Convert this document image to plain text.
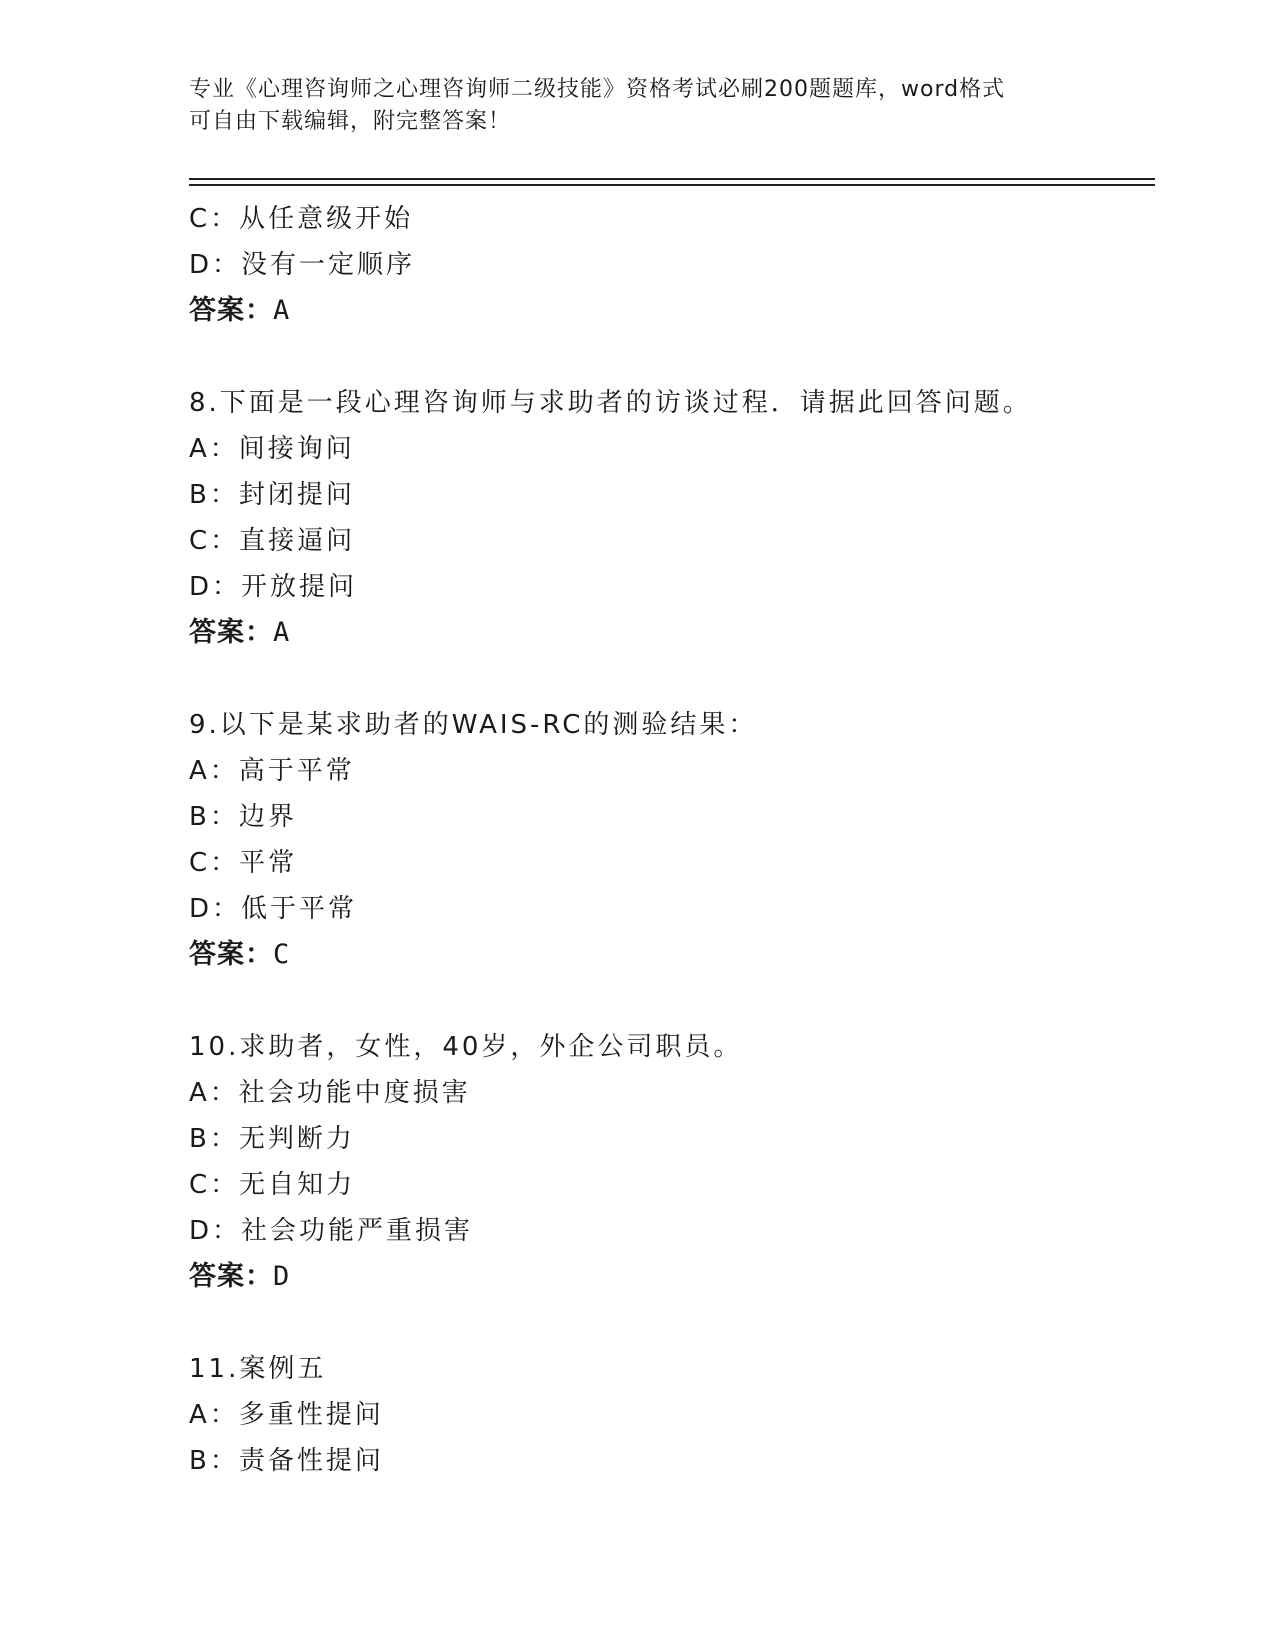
专业《心理咨询师之心理咨询师二级技能》资格考试必刷200题题库，word格式
可自由下载编辑，附完整答案！
C：从任意级开始
D：没有一定顺序
答案：A
8.下面是一段心理咨询师与求助者的访谈过程．请据此回答问题。
A：间接询问
B：封闭提问
C：直接逼问
D：开放提问
答案：A
9.以下是某求助者的WAIS-RC的测验结果：
A：高于平常
B：边界
C：平常
D：低于平常
答案：C
10.求助者，女性，40岁，外企公司职员。
A：社会功能中度损害
B：无判断力
C：无自知力
D：社会功能严重损害
答案：D
11.案例五
A：多重性提问
B：责备性提问
